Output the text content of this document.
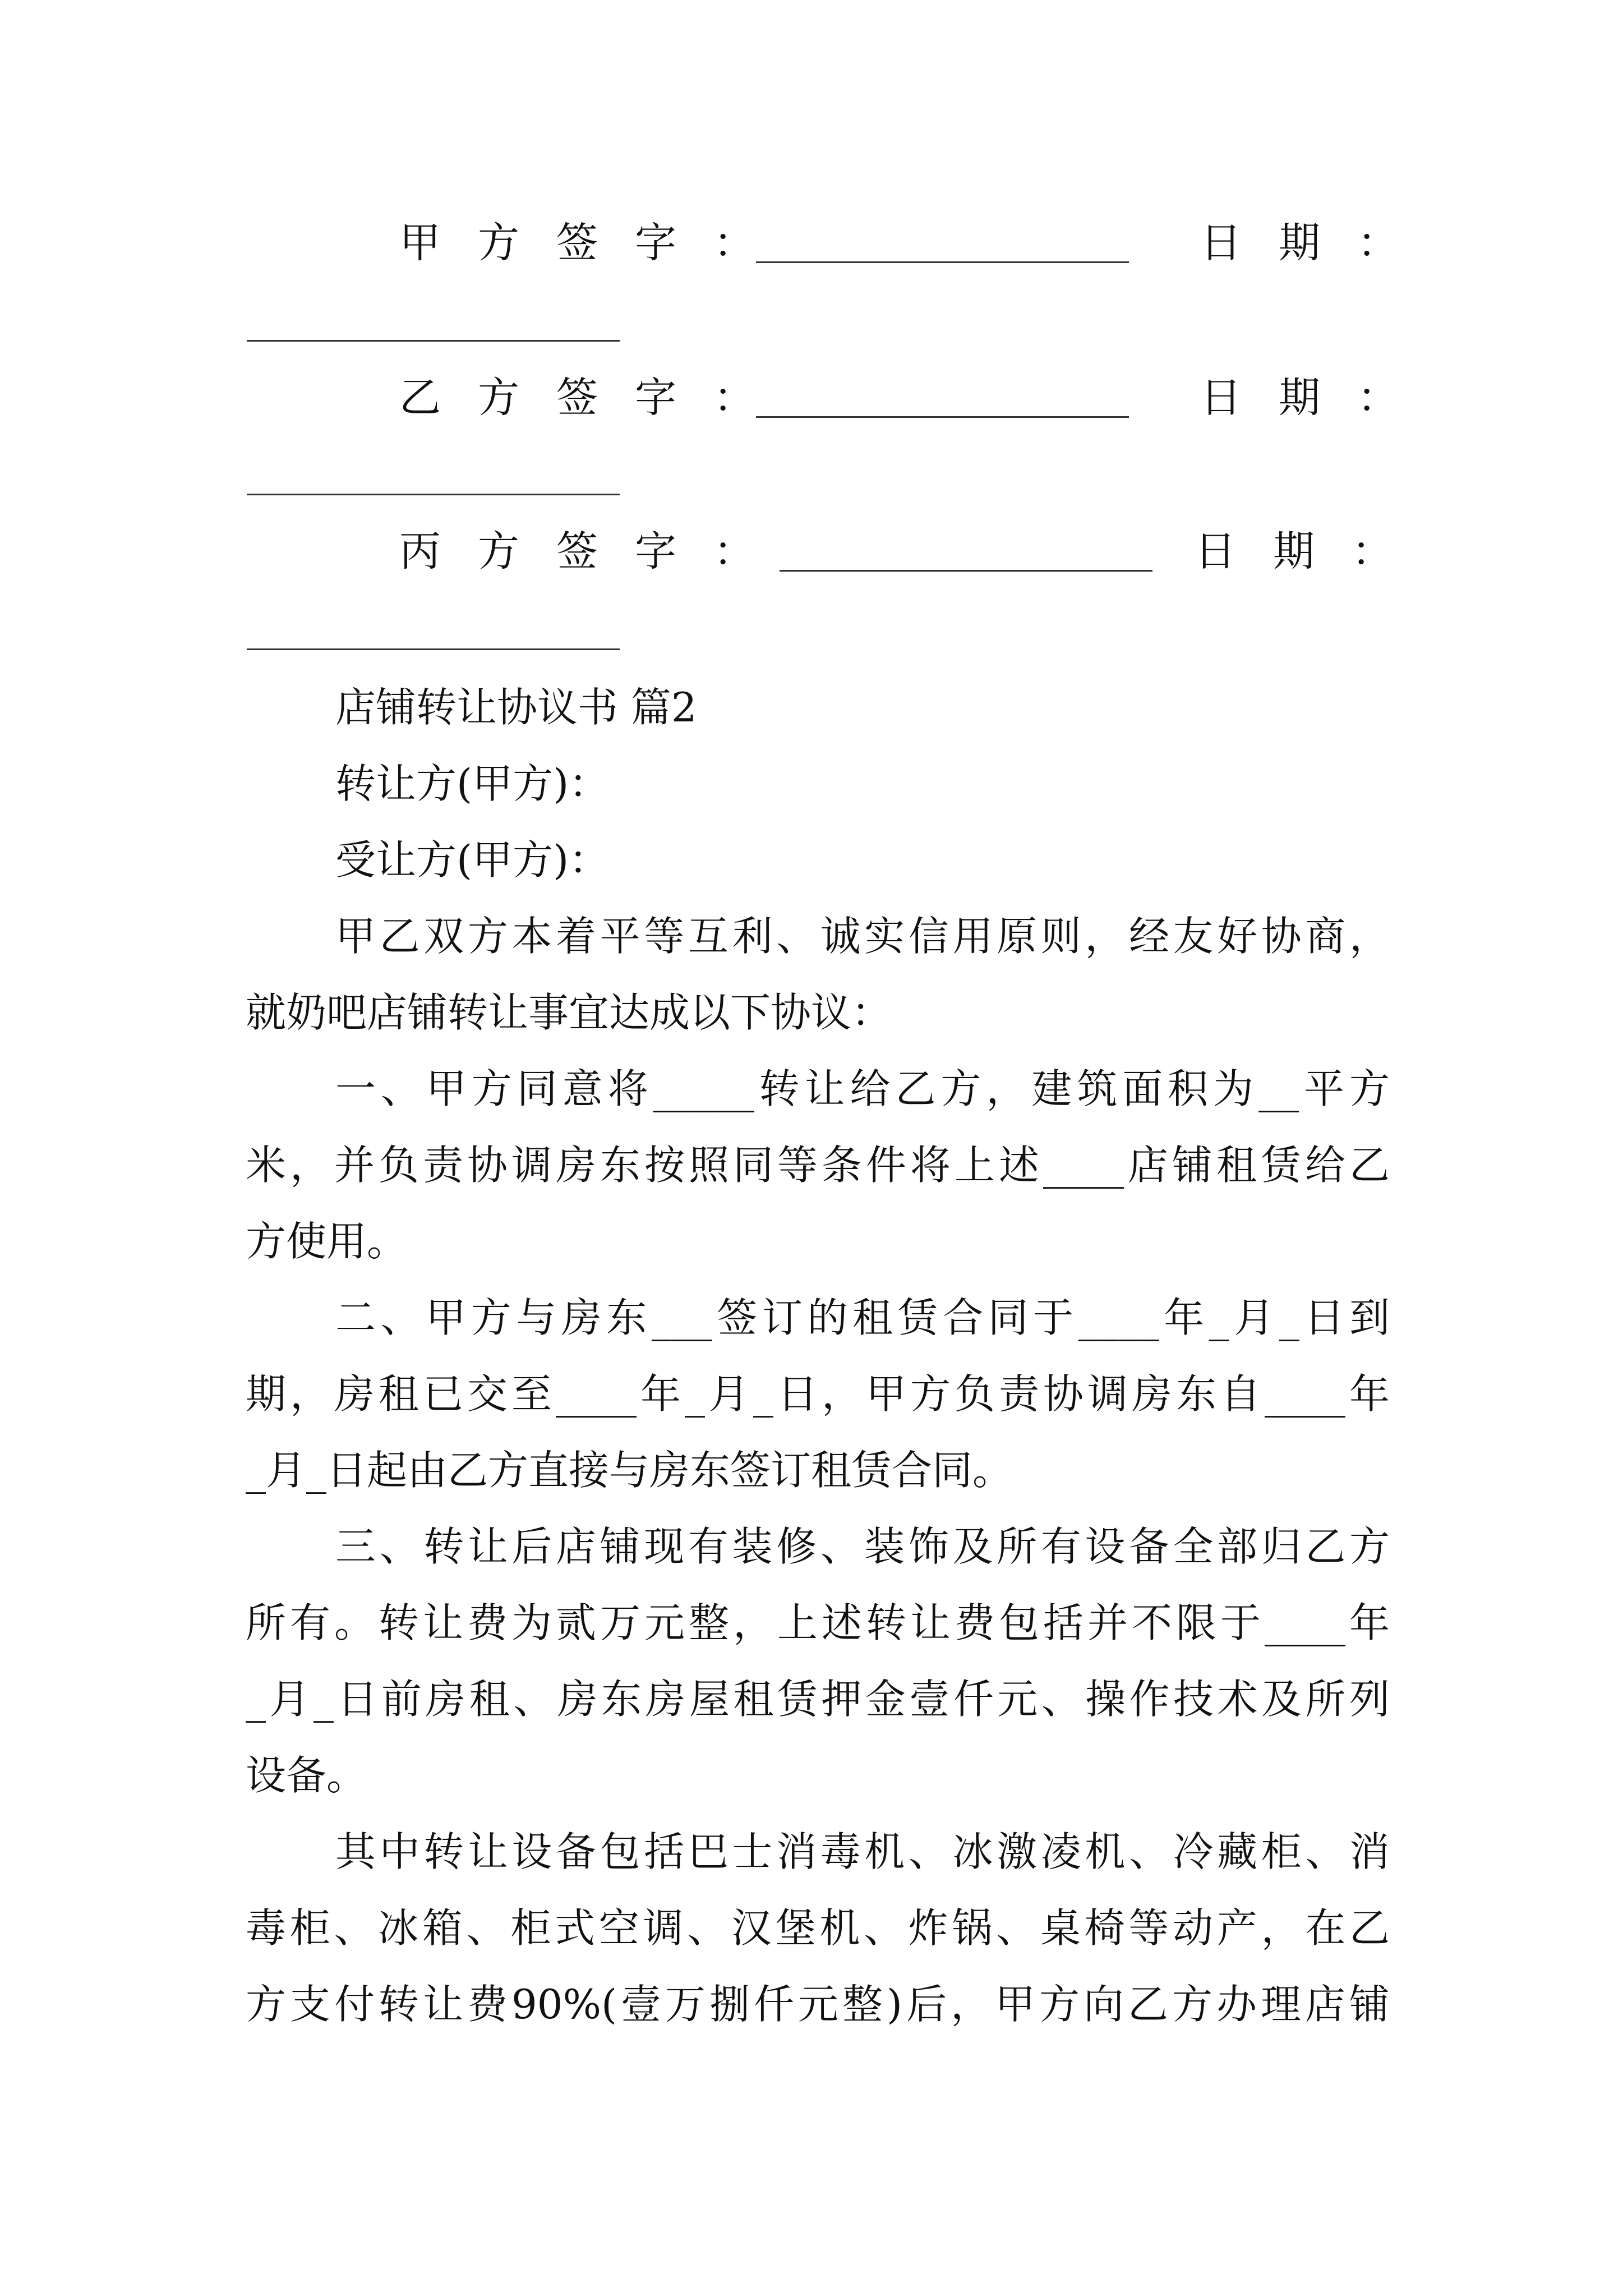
甲方签字：	日期：
乙方签字：	日期：
丙方签字：	日期：
店铺转让协议书 篇2
转让方(甲方)：
受让方(甲方)：
甲乙双方本着平等互利、诚实信用原则，经友好协商，
就奶吧店铺转让事宜达成以下协议：
一、甲方同意将_____转让给乙方，建筑面积为__平方
米，并负责协调房东按照同等条件将上述____店铺租赁给乙
方使用。
二、甲方与房东___签订的租赁合同于____年_月_日到
期，房租已交至____年_月_日，甲方负责协调房东自____年
_月_日起由乙方直接与房东签订租赁合同。
三、转让后店铺现有装修、装饰及所有设备全部归乙方
所有。转让费为贰万元整，上述转让费包括并不限于____年
_月_日前房租、房东房屋租赁押金壹仟元、操作技术及所列
设备。
其中转让设备包括巴士消毒机、冰激凌机、冷藏柜、消
毒柜、冰箱、柜式空调、汉堡机、炸锅、桌椅等动产，在乙
方支付转让费90%(壹万捌仟元整)后，甲方向乙方办理店铺
